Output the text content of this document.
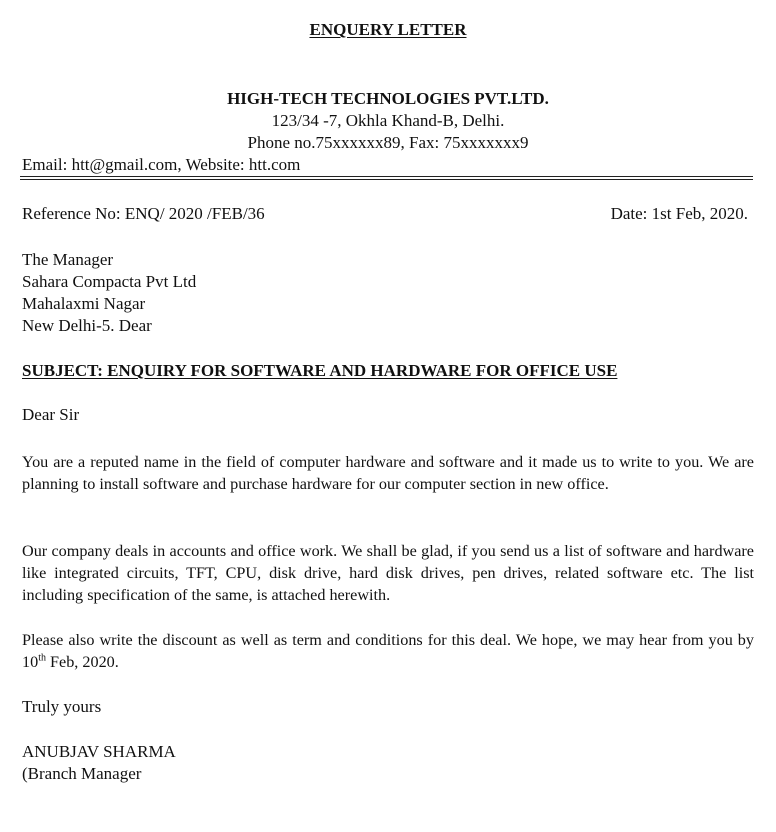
ENQUERY LETTER
HIGH-TECH TECHNOLOGIES PVT.LTD.
123/34 -7, Okhla Khand-B, Delhi.
Phone no.75xxxxxx89, Fax: 75xxxxxxx9
Email: htt@gmail.com, Website: htt.com
Reference No: ENQ/ 2020 /FEB/36	Date: 1st Feb, 2020.
The Manager
Sahara Compacta Pvt Ltd
Mahalaxmi Nagar
New Delhi-5. Dear
SUBJECT: ENQUIRY FOR SOFTWARE AND HARDWARE FOR OFFICE USE
Dear Sir
You are a reputed name in the field of computer hardware and software and it made us to write to you. We are planning to install software and purchase hardware for our computer section in new office.
Our company deals in accounts and office work. We shall be glad, if you send us a list of software and hardware like integrated circuits, TFT, CPU, disk drive, hard disk drives, pen drives, related software etc. The list including specification of the same, is attached herewith.
Please also write the discount as well as term and conditions for this deal. We hope, we may hear from you by 10th Feb, 2020.
Truly yours
ANUBJAV SHARMA
(Branch Manager
